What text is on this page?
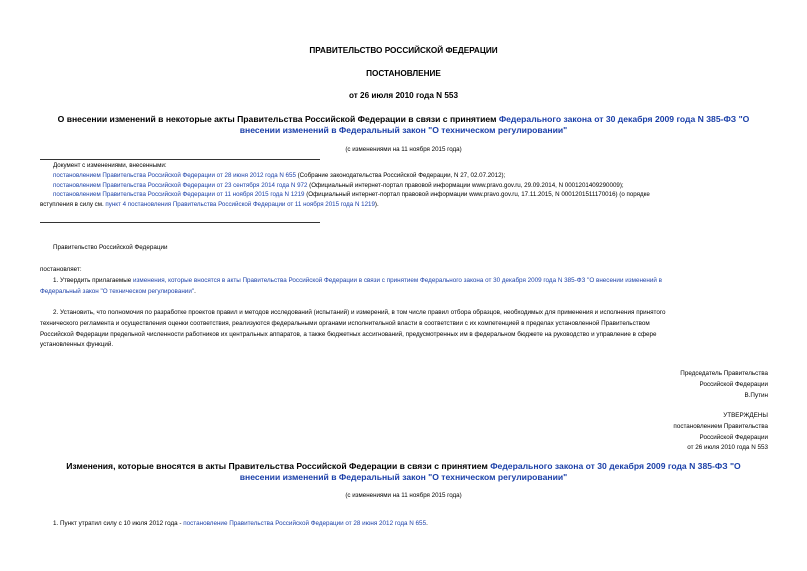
ПРАВИТЕЛЬСТВО РОССИЙСКОЙ ФЕДЕРАЦИИ
ПОСТАНОВЛЕНИЕ
от 26 июля 2010 года N 553
О внесении изменений в некоторые акты Правительства Российской Федерации в связи с принятием Федерального закона от 30 декабря 2009 года N 385-ФЗ "О
внесении изменений в Федеральный закон "О техническом регулировании"
(с изменениями на 11 ноября 2015 года)
Документ с изменениями, внесенными:
постановлением Правительства Российской Федерации от 28 июня 2012 года N 655 (Собрание законодательства Российской Федерации, N 27, 02.07.2012);
постановлением Правительства Российской Федерации от 23 сентября 2014 года N 972 (Официальный интернет-портал правовой информации www.pravo.gov.ru, 29.09.2014, N 0001201409290009);
постановлением Правительства Российской Федерации от 11 ноября 2015 года N 1219 (Официальный интернет-портал правовой информации www.pravo.gov.ru, 17.11.2015, N 0001201511170016) (о порядке
вступления в силу см. пункт 4 постановления Правительства Российской Федерации от 11 ноября 2015 года N 1219).
Правительство Российской Федерации
постановляет:
1. Утвердить прилагаемые изменения, которые вносятся в акты Правительства Российской Федерации в связи с принятием Федерального закона от 30 декабря 2009 года N 385-ФЗ "О внесении изменений в
Федеральный закон "О техническом регулировании".
2. Установить, что полномочия по разработке проектов правил и методов исследований (испытаний) и измерений, в том числе правил отбора образцов, необходимых для применения и исполнения принятого
технического регламента и осуществления оценки соответствия, реализуются федеральными органами исполнительной власти в соответствии с их компетенцией в пределах установленной Правительством
Российской Федерации предельной численности работников их центральных аппаратов, а также бюджетных ассигнований, предусмотренных им в федеральном бюджете на руководство и управление в сфере
установленных функций.
Председатель Правительства
Российской Федерации
В.Путин
УТВЕРЖДЕНЫ
постановлением Правительства
Российской Федерации
от 26 июля 2010 года N 553
Изменения, которые вносятся в акты Правительства Российской Федерации в связи с принятием Федерального закона от 30 декабря 2009 года N 385-ФЗ "О
внесении изменений в Федеральный закон "О техническом регулировании"
(с изменениями на 11 ноября 2015 года)
1. Пункт утратил силу с 10 июля 2012 года - постановление Правительства Российской Федерации от 28 июня 2012 года N 655.
